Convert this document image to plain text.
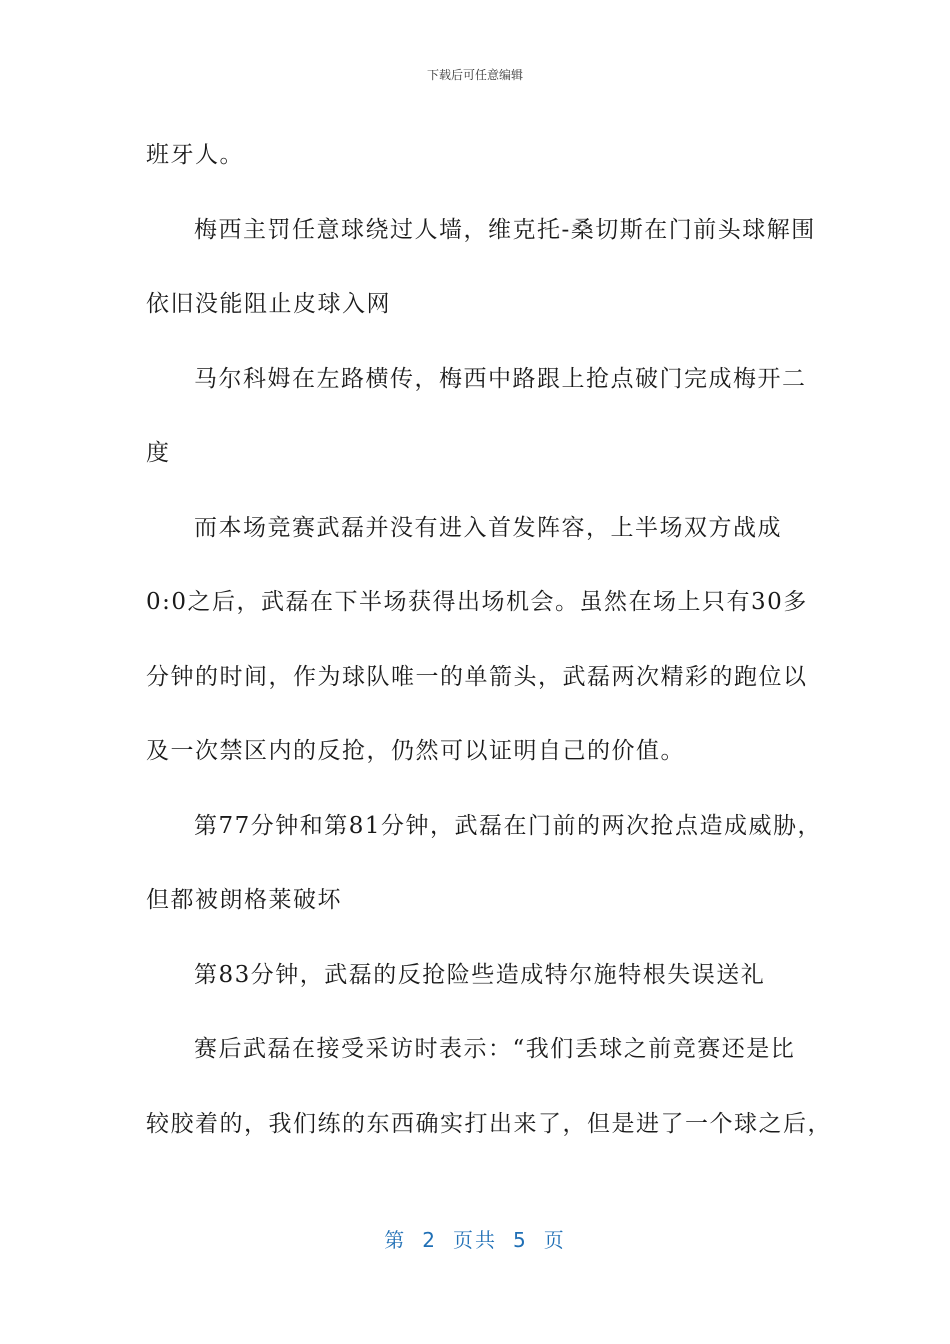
下载后可任意编辑
班牙人。
梅西主罚任意球绕过人墙，维克托-桑切斯在门前头球解围
依旧没能阻止皮球入网
马尔科姆在左路横传，梅西中路跟上抢点破门完成梅开二
度
而本场竞赛武磊并没有进入首发阵容，上半场双方战成
0:0之后，武磊在下半场获得出场机会。虽然在场上只有30多
分钟的时间，作为球队唯一的单箭头，武磊两次精彩的跑位以
及一次禁区内的反抢，仍然可以证明自己的价值。
第77分钟和第81分钟，武磊在门前的两次抢点造成威胁，
但都被朗格莱破坏
第83分钟，武磊的反抢险些造成特尔施特根失误送礼
赛后武磊在接受采访时表示：“我们丢球之前竞赛还是比
较胶着的，我们练的东西确实打出来了，但是进了一个球之后，
第 2 页共 5 页
